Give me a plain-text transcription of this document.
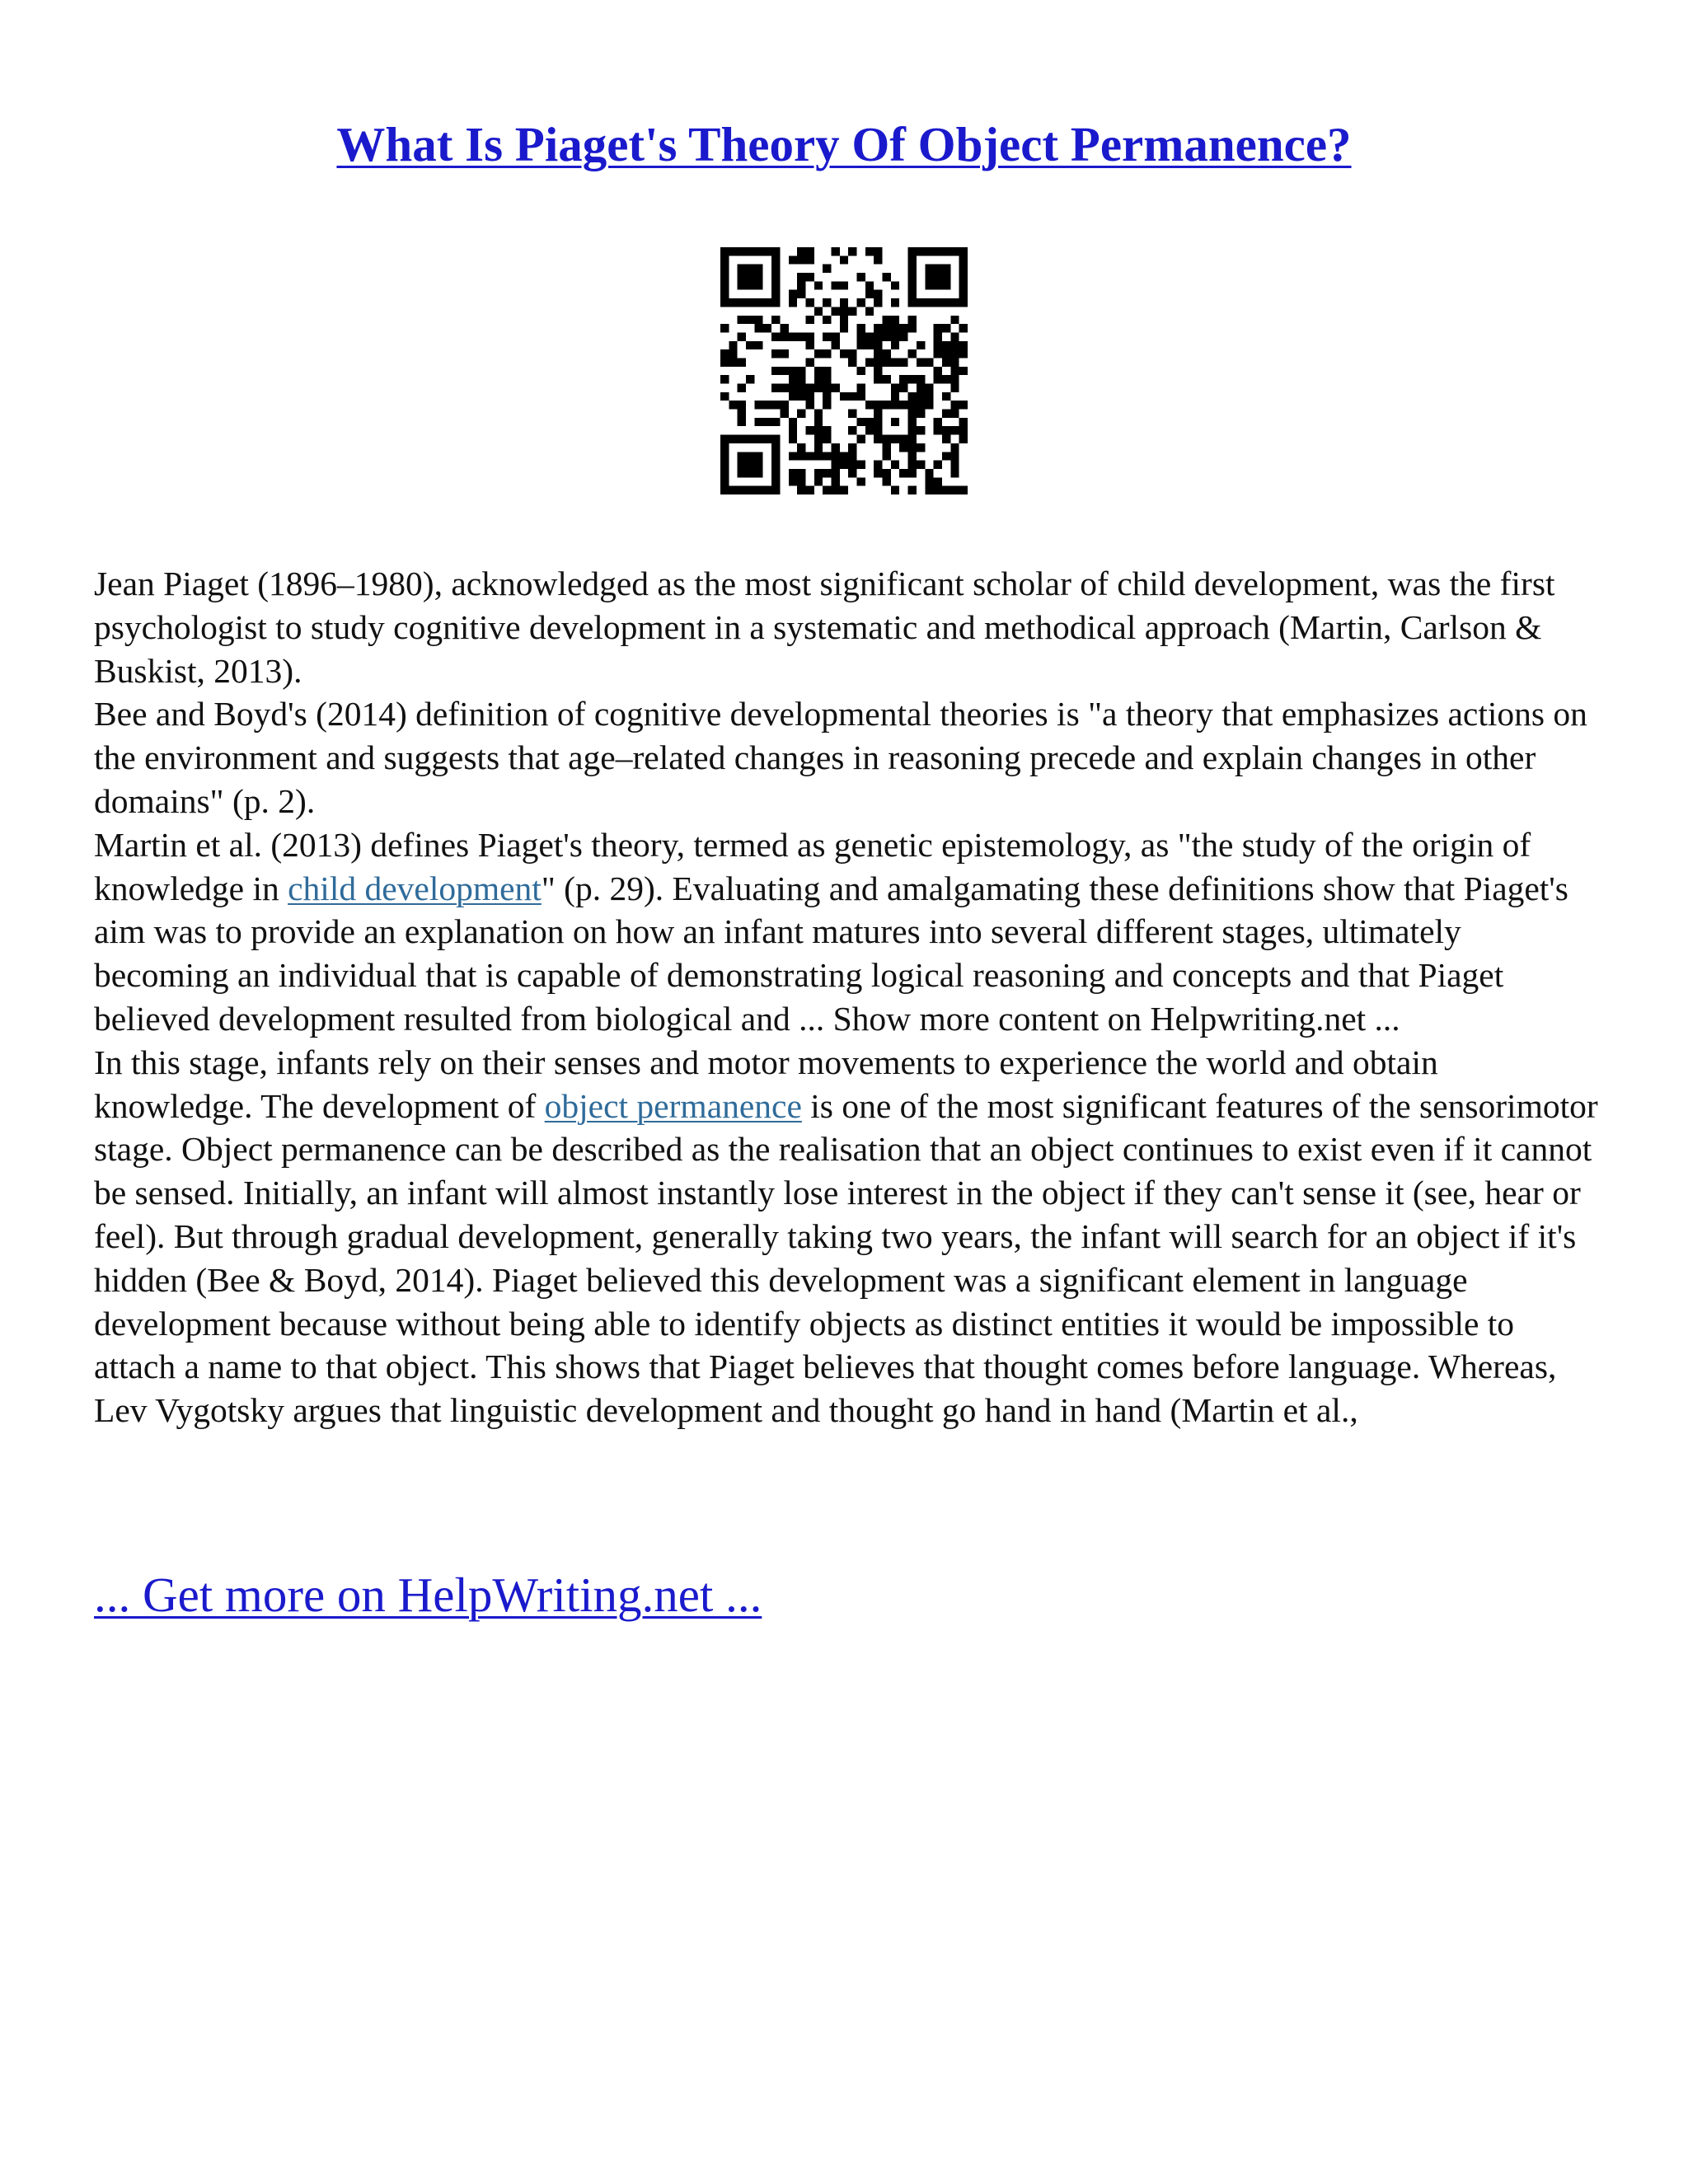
What Is Piaget's Theory Of Object Permanence?

Jean Piaget (1896–1980), acknowledged as the most significant scholar of child development, was the first psychologist to study cognitive development in a systematic and methodical approach (Martin, Carlson & Buskist, 2013).

Bee and Boyd's (2014) definition of cognitive developmental theories is "a theory that emphasizes actions on the environment and suggests that age–related changes in reasoning precede and explain changes in other domains" (p. 2).

Martin et al. (2013) defines Piaget's theory, termed as genetic epistemology, as "the study of the origin of knowledge in child development" (p. 29). Evaluating and amalgamating these definitions show that Piaget's aim was to provide an explanation on how an infant matures into several different stages, ultimately becoming an individual that is capable of demonstrating logical reasoning and concepts and that Piaget believed development resulted from biological and ... Show more content on Helpwriting.net ...

In this stage, infants rely on their senses and motor movements to experience the world and obtain knowledge. The development of object permanence is one of the most significant features of the sensorimotor stage. Object permanence can be described as the realisation that an object continues to exist even if it cannot be sensed. Initially, an infant will almost instantly lose interest in the object if they can't sense it (see, hear or feel). But through gradual development, generally taking two years, the infant will search for an object if it's hidden (Bee & Boyd, 2014). Piaget believed this development was a significant element in language development because without being able to identify objects as distinct entities it would be impossible to attach a name to that object. This shows that Piaget believes that thought comes before language. Whereas, Lev Vygotsky argues that linguistic development and thought go hand in hand (Martin et al.,

... Get more on HelpWriting.net ...
